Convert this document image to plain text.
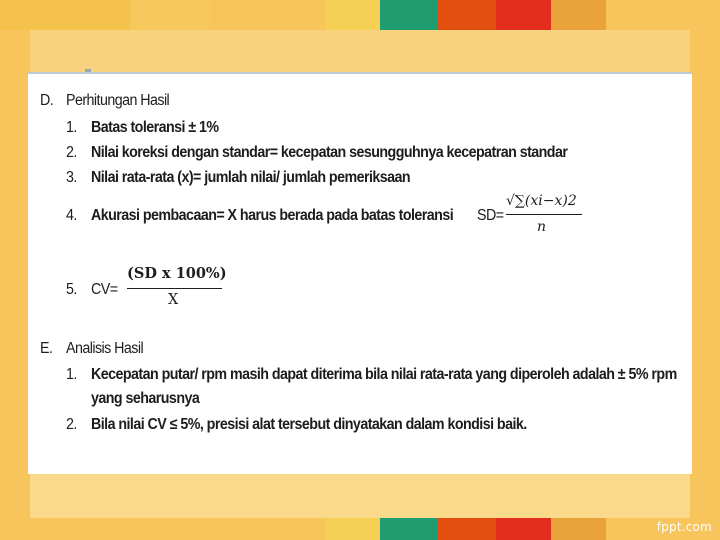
D. Perhitungan Hasil
1. Batas toleransi ± 1%
2. Nilai koreksi dengan standar= kecepatan sesungguhnya kecepatran standar
3. Nilai rata-rata (x)= jumlah nilai/ jumlah pemeriksaan
4. Akurasi pembacaan= X harus berada pada batas toleransi SD=
√∑(xi−x)2
n
5. CV=
(SD x 100%)
X
E. Analisis Hasil
1. Kecepatan putar/ rpm masih dapat diterima bila nilai rata-rata yang diperoleh adalah ± 5% rpm
yang seharusnya
2. Bila nilai CV ≤ 5%, presisi alat tersebut dinyatakan dalam kondisi baik.
fppt.com
